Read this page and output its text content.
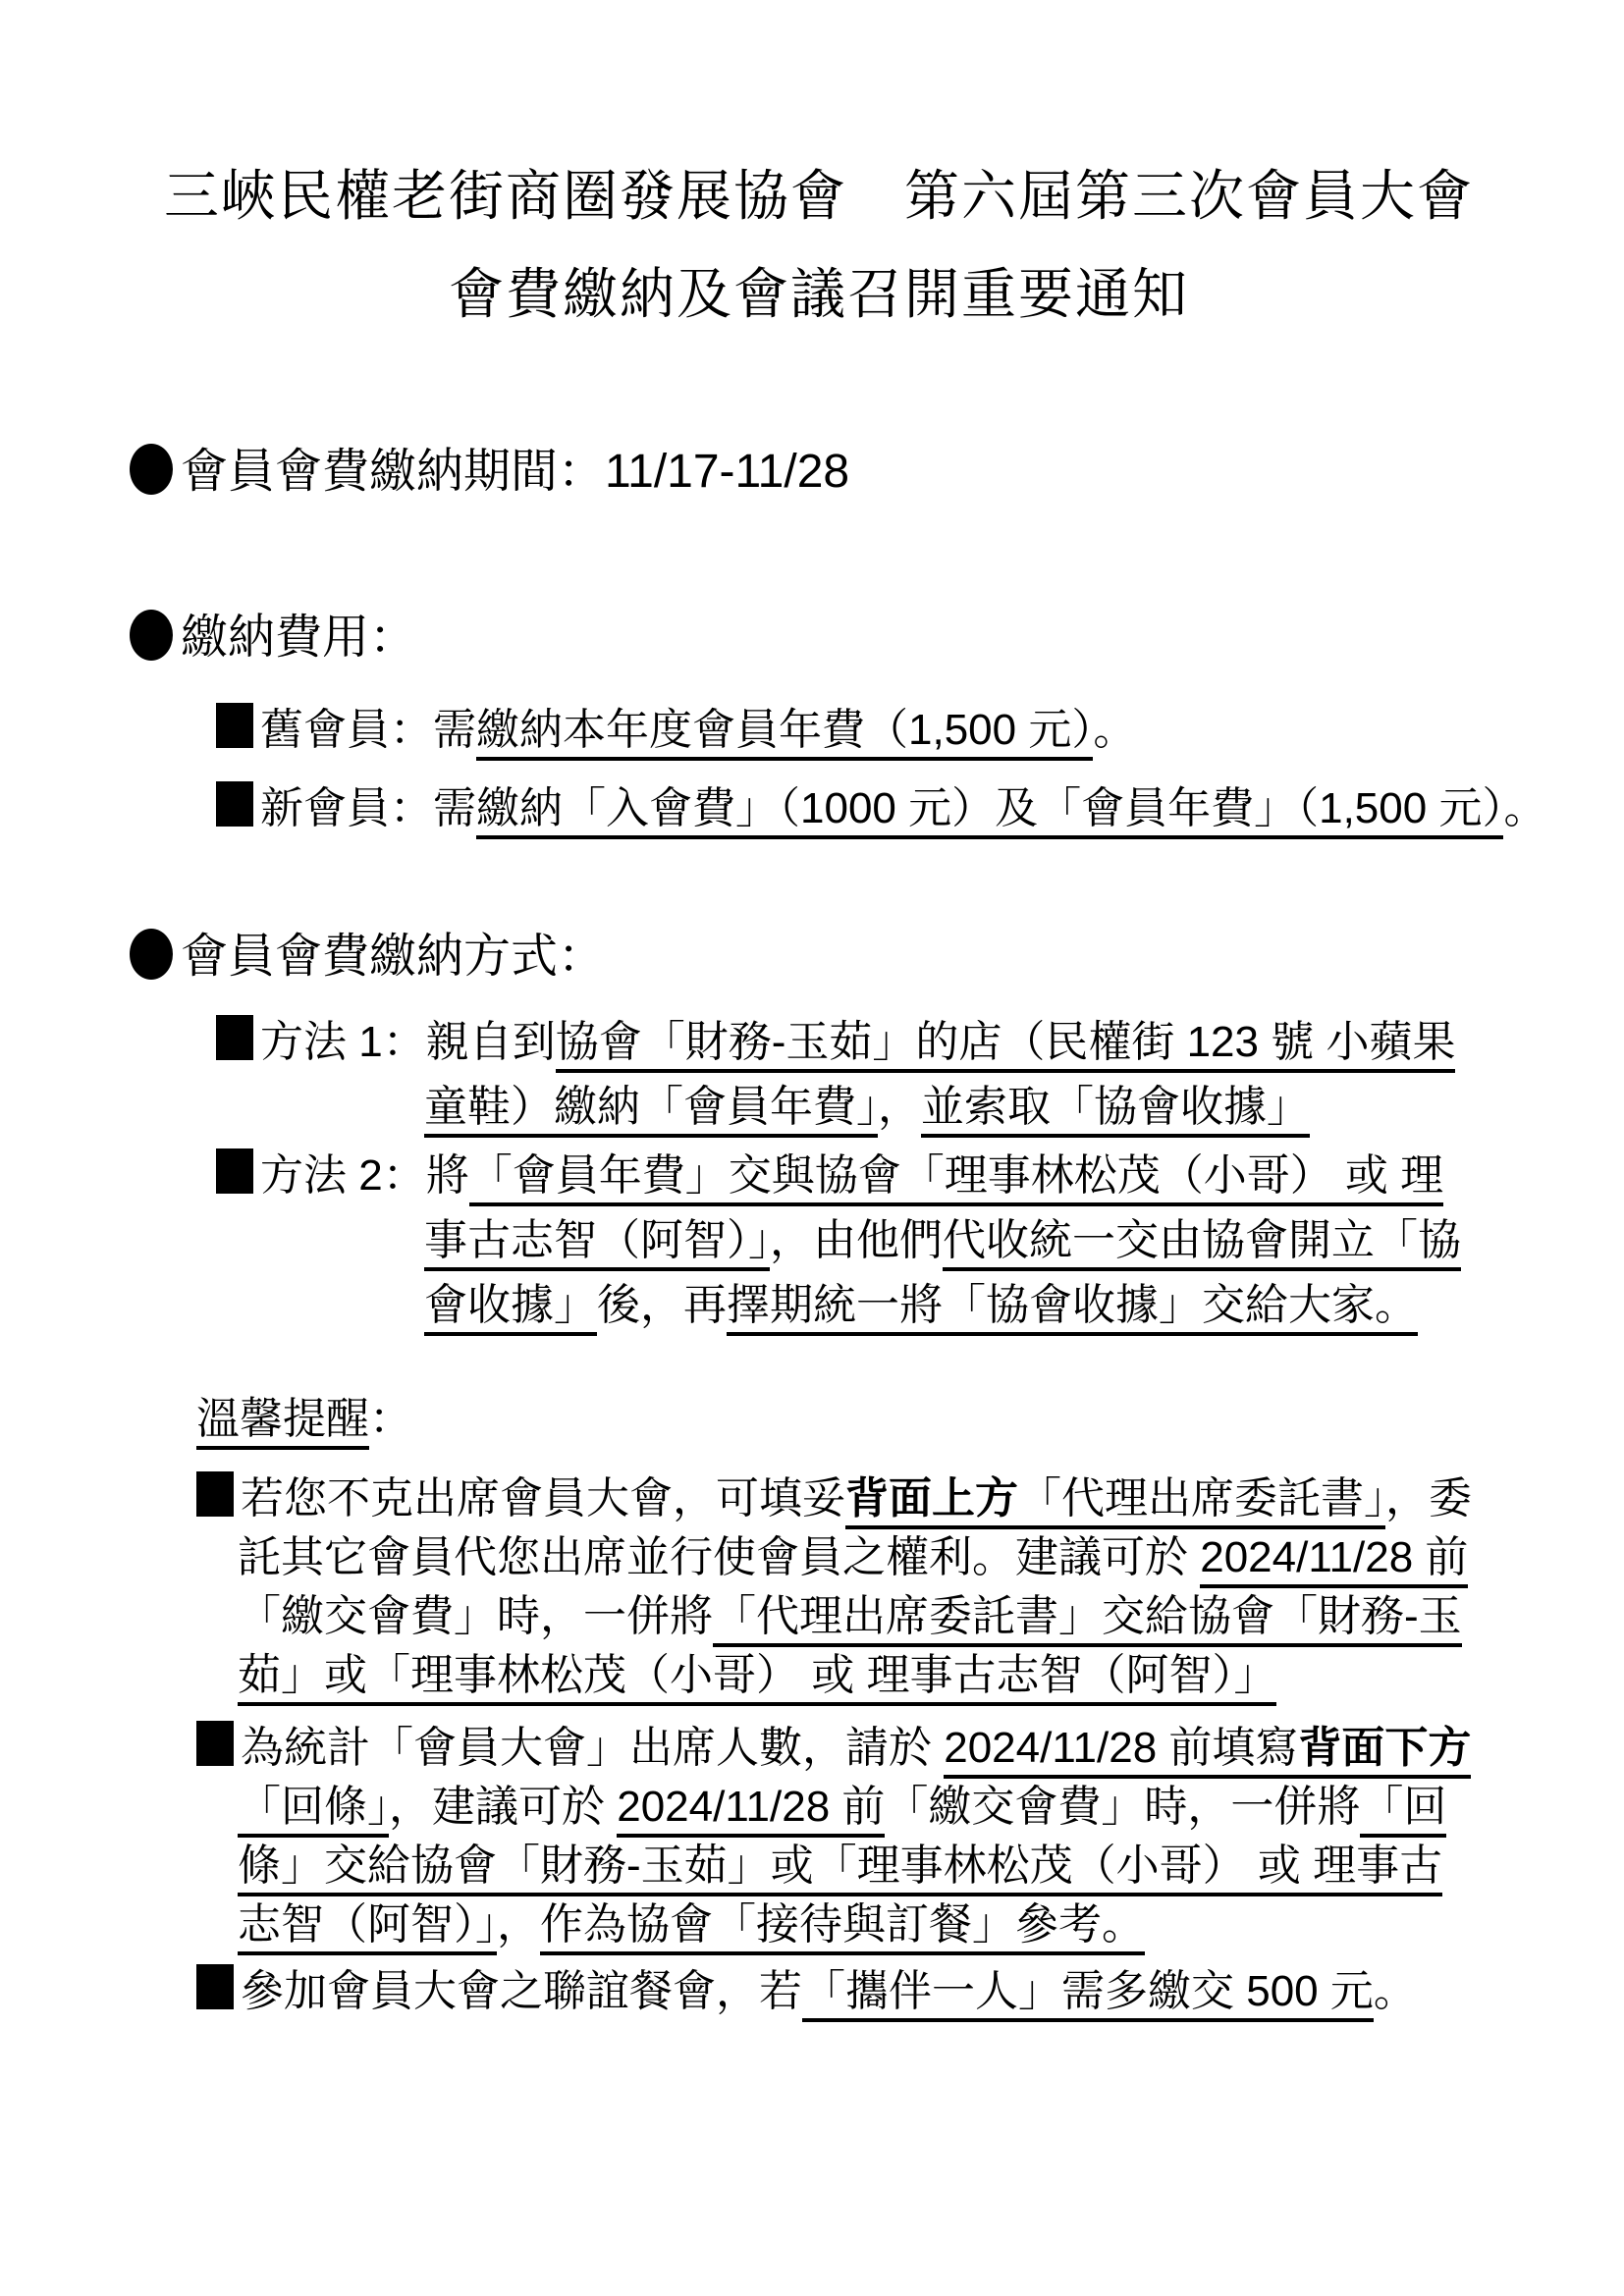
三峽民權老街商圈發展協會　第六屆第三次會員大會
會費繳納及會議召開重要通知
會員會費繳納期間：11/17-11/28
繳納費用：
舊會員：需繳納本年度會員年費（1,500 元）。
新會員：需繳納「入會費」（1000 元）及「會員年費」（1,500 元）。
會員會費繳納方式：
方法 1：親自到協會「財務-玉茹」的店（民權街 123 號 小蘋果
童鞋）繳納「會員年費」，並索取「協會收據」
方法 2：將「會員年費」交與協會「理事林松茂（小哥） 或 理
事古志智（阿智）」，由他們代收統一交由協會開立「協
會收據」後，再擇期統一將「協會收據」交給大家。
溫馨提醒：
若您不克出席會員大會，可填妥背面上方「代理出席委託書」，委
託其它會員代您出席並行使會員之權利。建議可於 2024/11/28 前
「繳交會費」時，一併將「代理出席委託書」交給協會「財務-玉
茹」或「理事林松茂（小哥） 或 理事古志智（阿智）」
為統計「會員大會」出席人數，請於 2024/11/28 前填寫背面下方
「回條」，建議可於 2024/11/28 前「繳交會費」時，一併將「回
條」交給協會「財務-玉茹」或「理事林松茂（小哥） 或 理事古
志智（阿智）」，作為協會「接待與訂餐」參考。
參加會員大會之聯誼餐會，若「攜伴一人」需多繳交 500 元。
